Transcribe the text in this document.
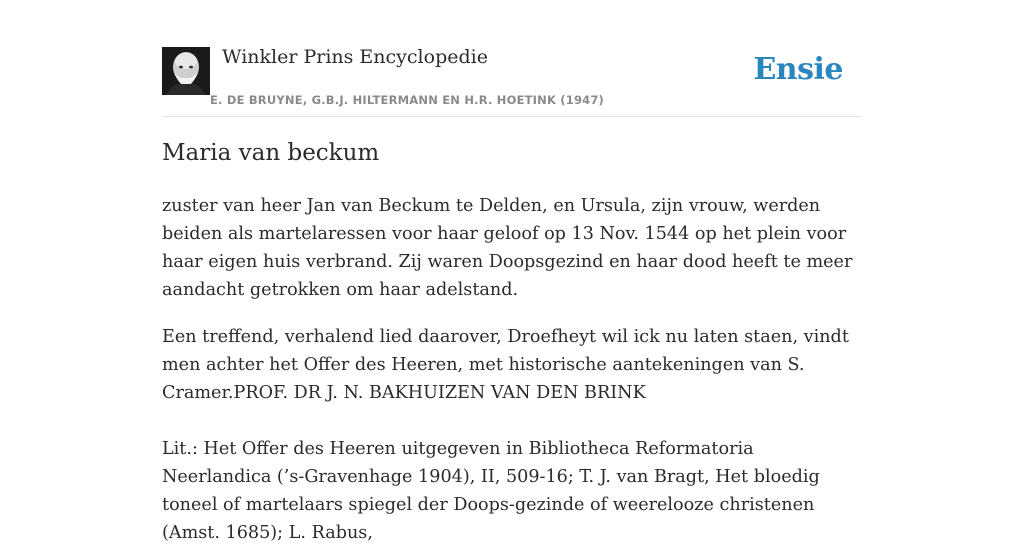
Winkler Prins Encyclopedie
E. DE BRUYNE, G.B.J. HILTERMANN EN H.R. HOETINK (1947)
Ensie
Maria van beckum

zuster van heer Jan van Beckum te Delden, en Ursula, zijn vrouw, werden beiden als martelaressen voor haar geloof op 13 Nov. 1544 op het plein voor haar eigen huis verbrand. Zij waren Doopsgezind en haar dood heeft te meer aandacht getrokken om haar adelstand.

Een treffend, verhalend lied daarover, Droefheyt wil ick nu laten staen, vindt men achter het Offer des Heeren, met historische aantekeningen van S. Cramer.PROF. DR J. N. BAKHUIZEN VAN DEN BRINK

Lit.: Het Offer des Heeren uitgegeven in Bibliotheca Reformatoria Neerlandica (’s-Gravenhage 1904), II, 509-16; T. J. van Bragt, Het bloedig toneel of martelaars spiegel der Doops-gezinde of weereloоze christenen (Amst. 1685); L. Rabus,
